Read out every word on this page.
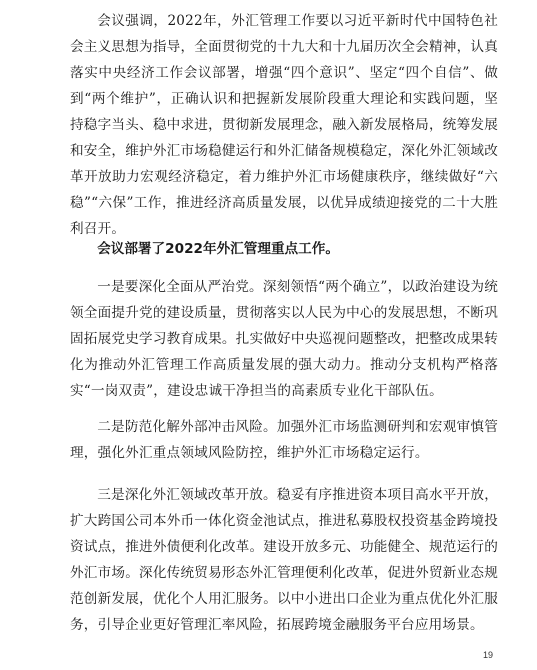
会议强调，2022年，外汇管理工作要以习近平新时代中国特色社会主义思想为指导，全面贯彻党的十九大和十九届历次全会精神，认真落实中央经济工作会议部署，增强“四个意识”、坚定“四个自信”、做到“两个维护”，正确认识和把握新发展阶段重大理论和实践问题，坚持稳字当头、稳中求进，贯彻新发展理念，融入新发展格局，统筹发展和安全，维护外汇市场稳健运行和外汇储备规模稳定，深化外汇领域改革开放助力宏观经济稳定，着力维护外汇市场健康秩序，继续做好“六稳”“六保”工作，推进经济高质量发展，以优异成绩迎接党的二十大胜利召开。

会议部署了2022年外汇管理重点工作。

一是要深化全面从严治党。深刻领悟“两个确立”，以政治建设为统领全面提升党的建设质量，贯彻落实以人民为中心的发展思想，不断巩固拓展党史学习教育成果。扎实做好中央巡视问题整改，把整改成果转化为推动外汇管理工作高质量发展的强大动力。推动分支机构严格落实“一岗双责”，建设忠诚干净担当的高素质专业化干部队伍。

二是防范化解外部冲击风险。加强外汇市场监测研判和宏观审慎管理，强化外汇重点领域风险防控，维护外汇市场稳定运行。

三是深化外汇领域改革开放。稳妥有序推进资本项目高水平开放，扩大跨国公司本外币一体化资金池试点，推进私募股权投资基金跨境投资试点，推进外债便利化改革。建设开放多元、功能健全、规范运行的外汇市场。深化传统贸易形态外汇管理便利化改革，促进外贸新业态规范创新发展，优化个人用汇服务。以中小进出口企业为重点优化外汇服务，引导企业更好管理汇率风险，拓展跨境金融服务平台应用场景。

19
